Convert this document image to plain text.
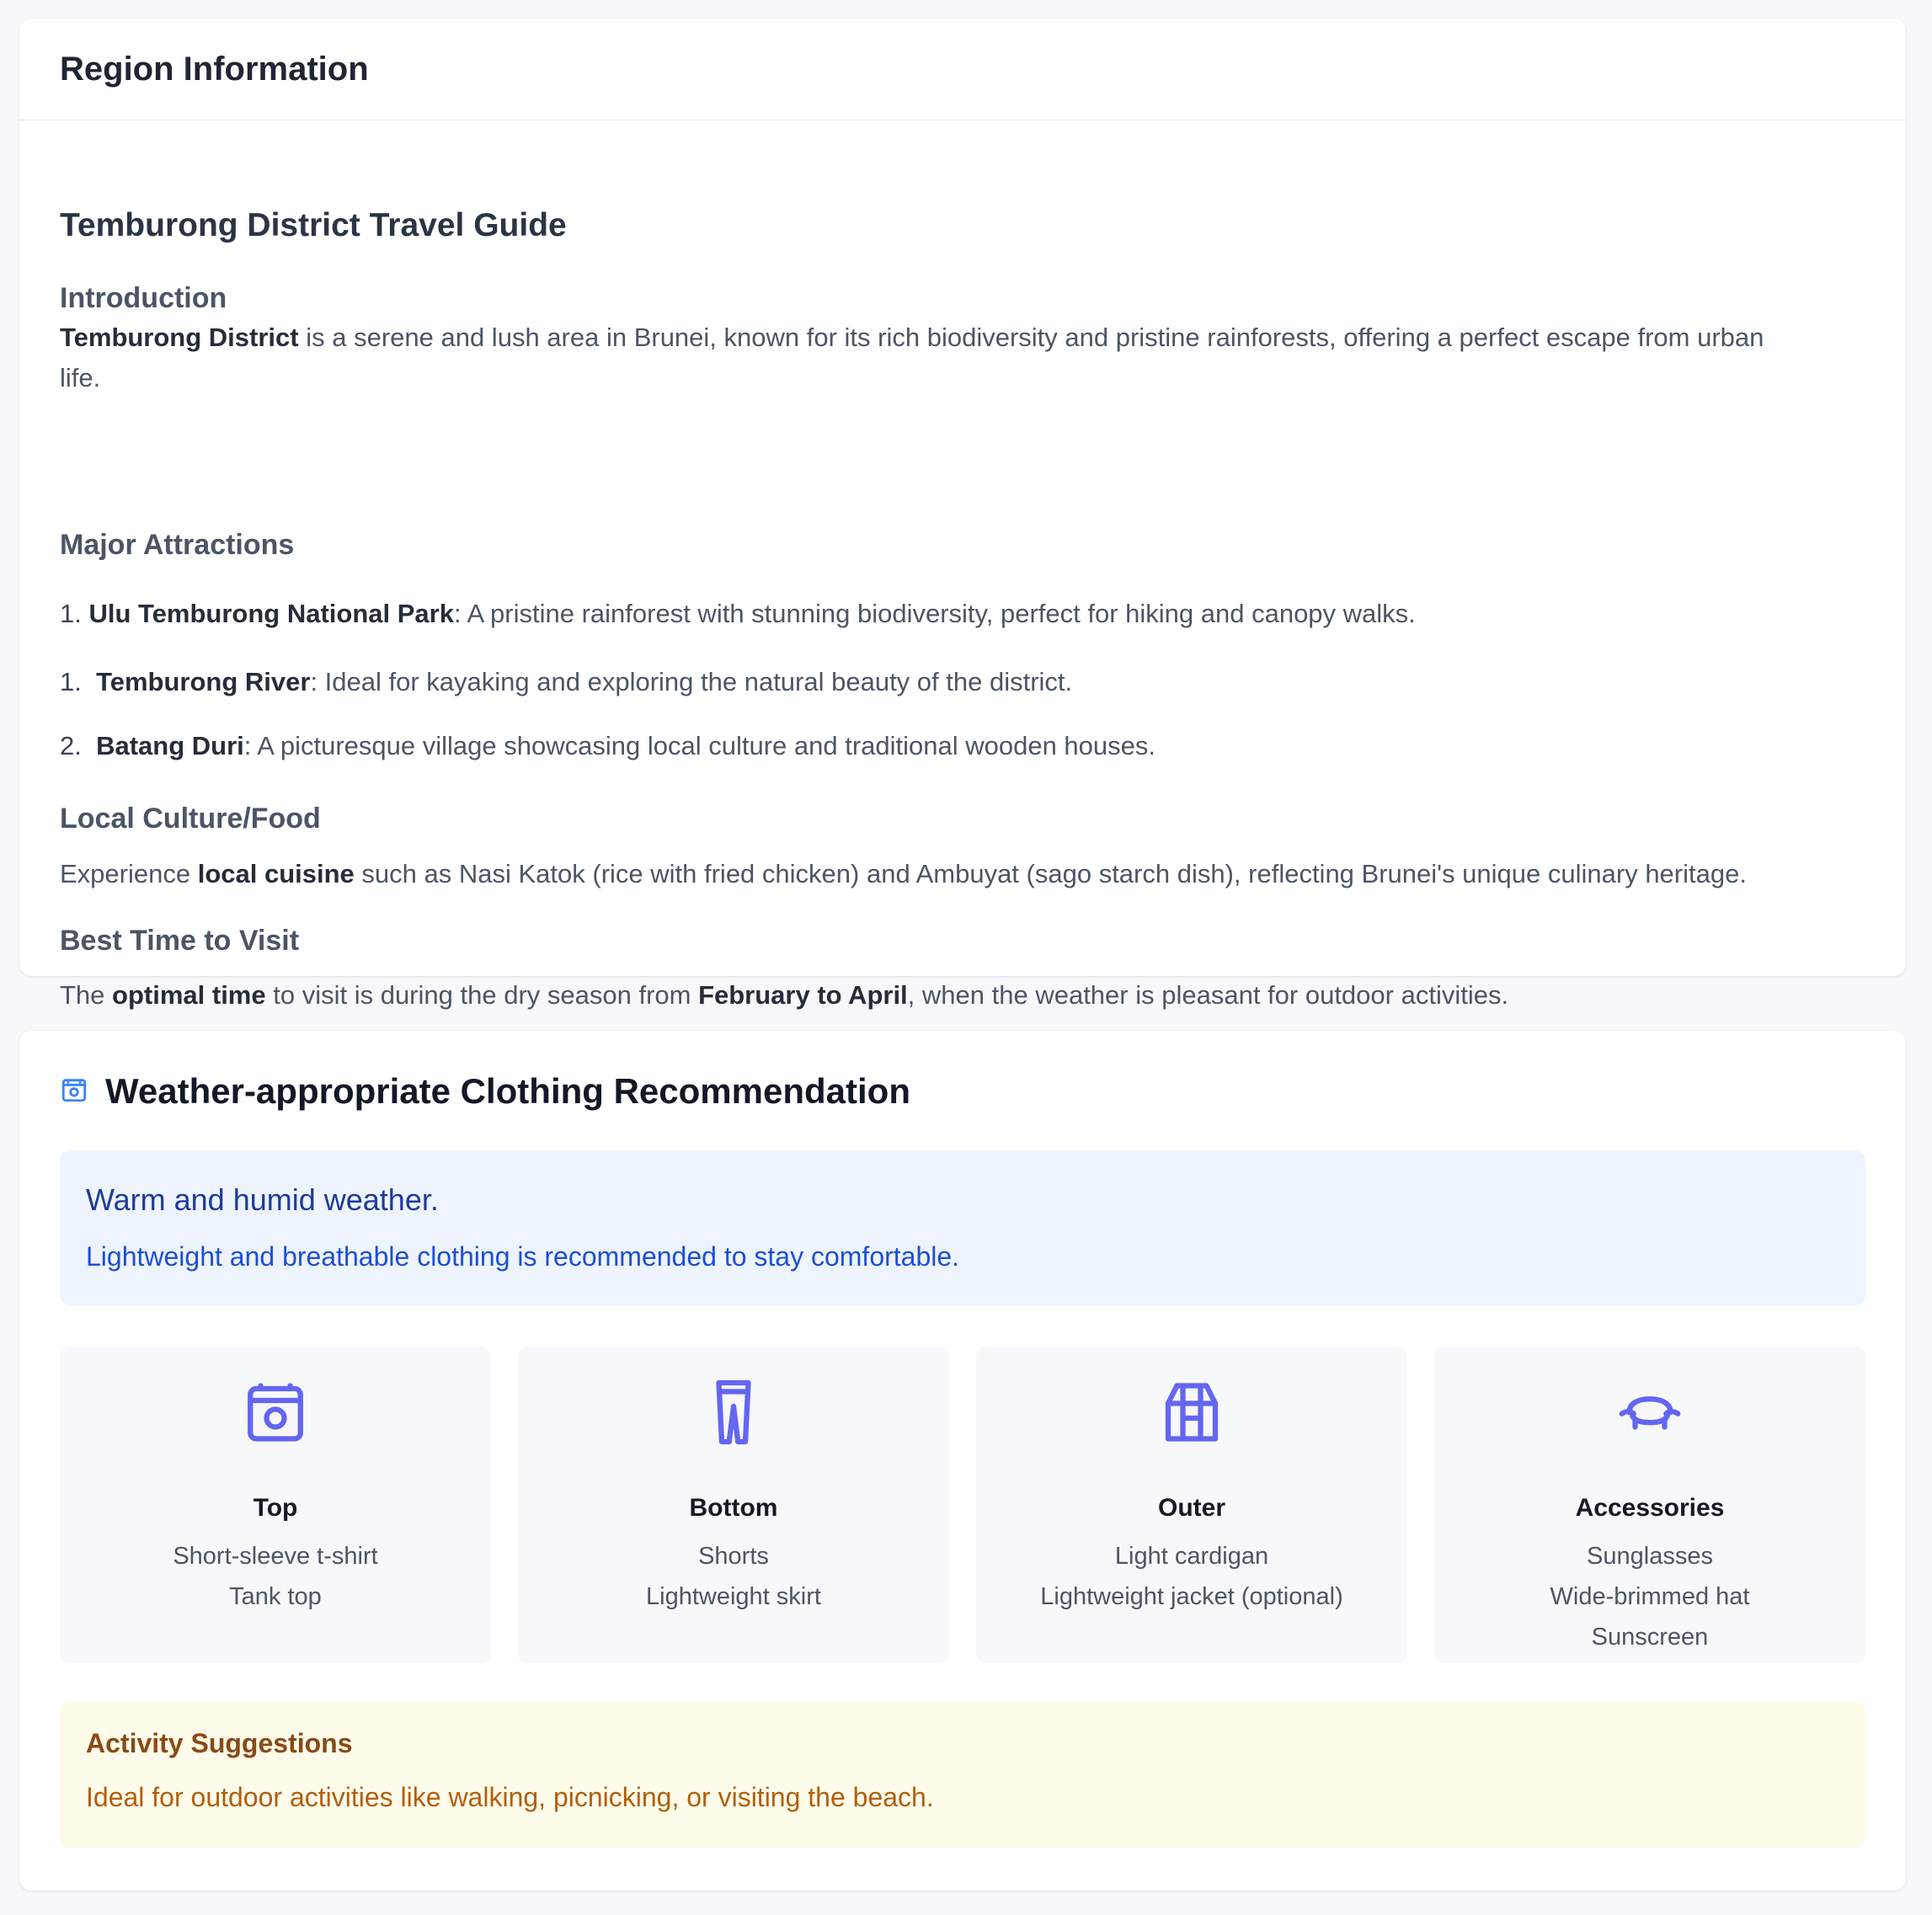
Region Information
Temburong District Travel Guide
Introduction

Temburong District is a serene and lush area in Brunei, known for its rich biodiversity and pristine rainforests, offering a perfect escape from urban
life.

Major Attractions
1. Ulu Temburong National Park: A pristine rainforest with stunning biodiversity, perfect for hiking and canopy walks.
1.  Temburong River: Ideal for kayaking and exploring the natural beauty of the district.
2.  Batang Duri: A picturesque village showcasing local culture and traditional wooden houses.
Local Culture/Food

Experience local cuisine such as Nasi Katok (rice with fried chicken) and Ambuyat (sago starch dish), reflecting Brunei's unique culinary heritage.

Best Time to Visit

The optimal time to visit is during the dry season from February to April, when the weather is pleasant for outdoor activities.

Weather-appropriate Clothing Recommendation
Warm and humid weather.
Lightweight and breathable clothing is recommended to stay comfortable.
Top
Short-sleeve t-shirt
Tank top
Bottom
Shorts
Lightweight skirt
Outer
Light cardigan
Lightweight jacket (optional)
Accessories
Sunglasses
Wide-brimmed hat
Sunscreen
Activity Suggestions
Ideal for outdoor activities like walking, picnicking, or visiting the beach.
